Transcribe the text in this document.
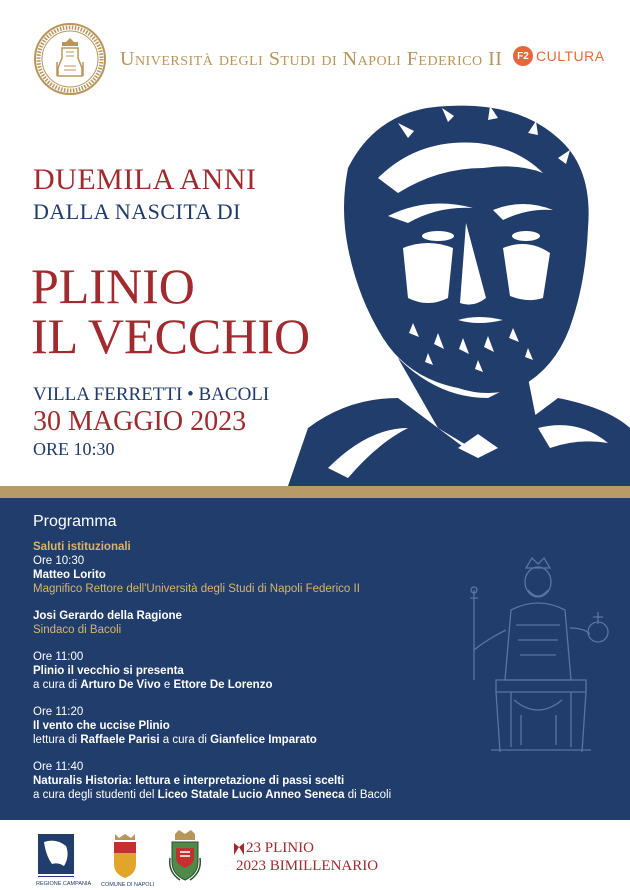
Università degli Studi di Napoli Federico II	F2 CULTURA
DUEMILA ANNI
DALLA NASCITA DI
PLINIO
IL VECCHIO
VILLA FERRETTI • BACOLI
30 MAGGIO 2023
ORE 10:30
Programma
Saluti istituzionali
Ore 10:30
Matteo Lorito
Magnifico Rettore dell'Università degli Studi di Napoli Federico II
Josi Gerardo della Ragione
Sindaco di Bacoli
Ore 11:00
Plinio il vecchio si presenta
a cura di Arturo De Vivo e Ettore De Lorenzo
Ore 11:20
Il vento che uccise Plinio
lettura di Raffaele Parisi a cura di Gianfelice Imparato
Ore 11:40
Naturalis Historia: lettura e interpretazione di passi scelti
a cura degli studenti del Liceo Statale Lucio Anneo Seneca di Bacoli
REGIONE CAMPANIA COMUNE DI NAPOLI
23 PLINIO
2023 BIMILLENARIO
